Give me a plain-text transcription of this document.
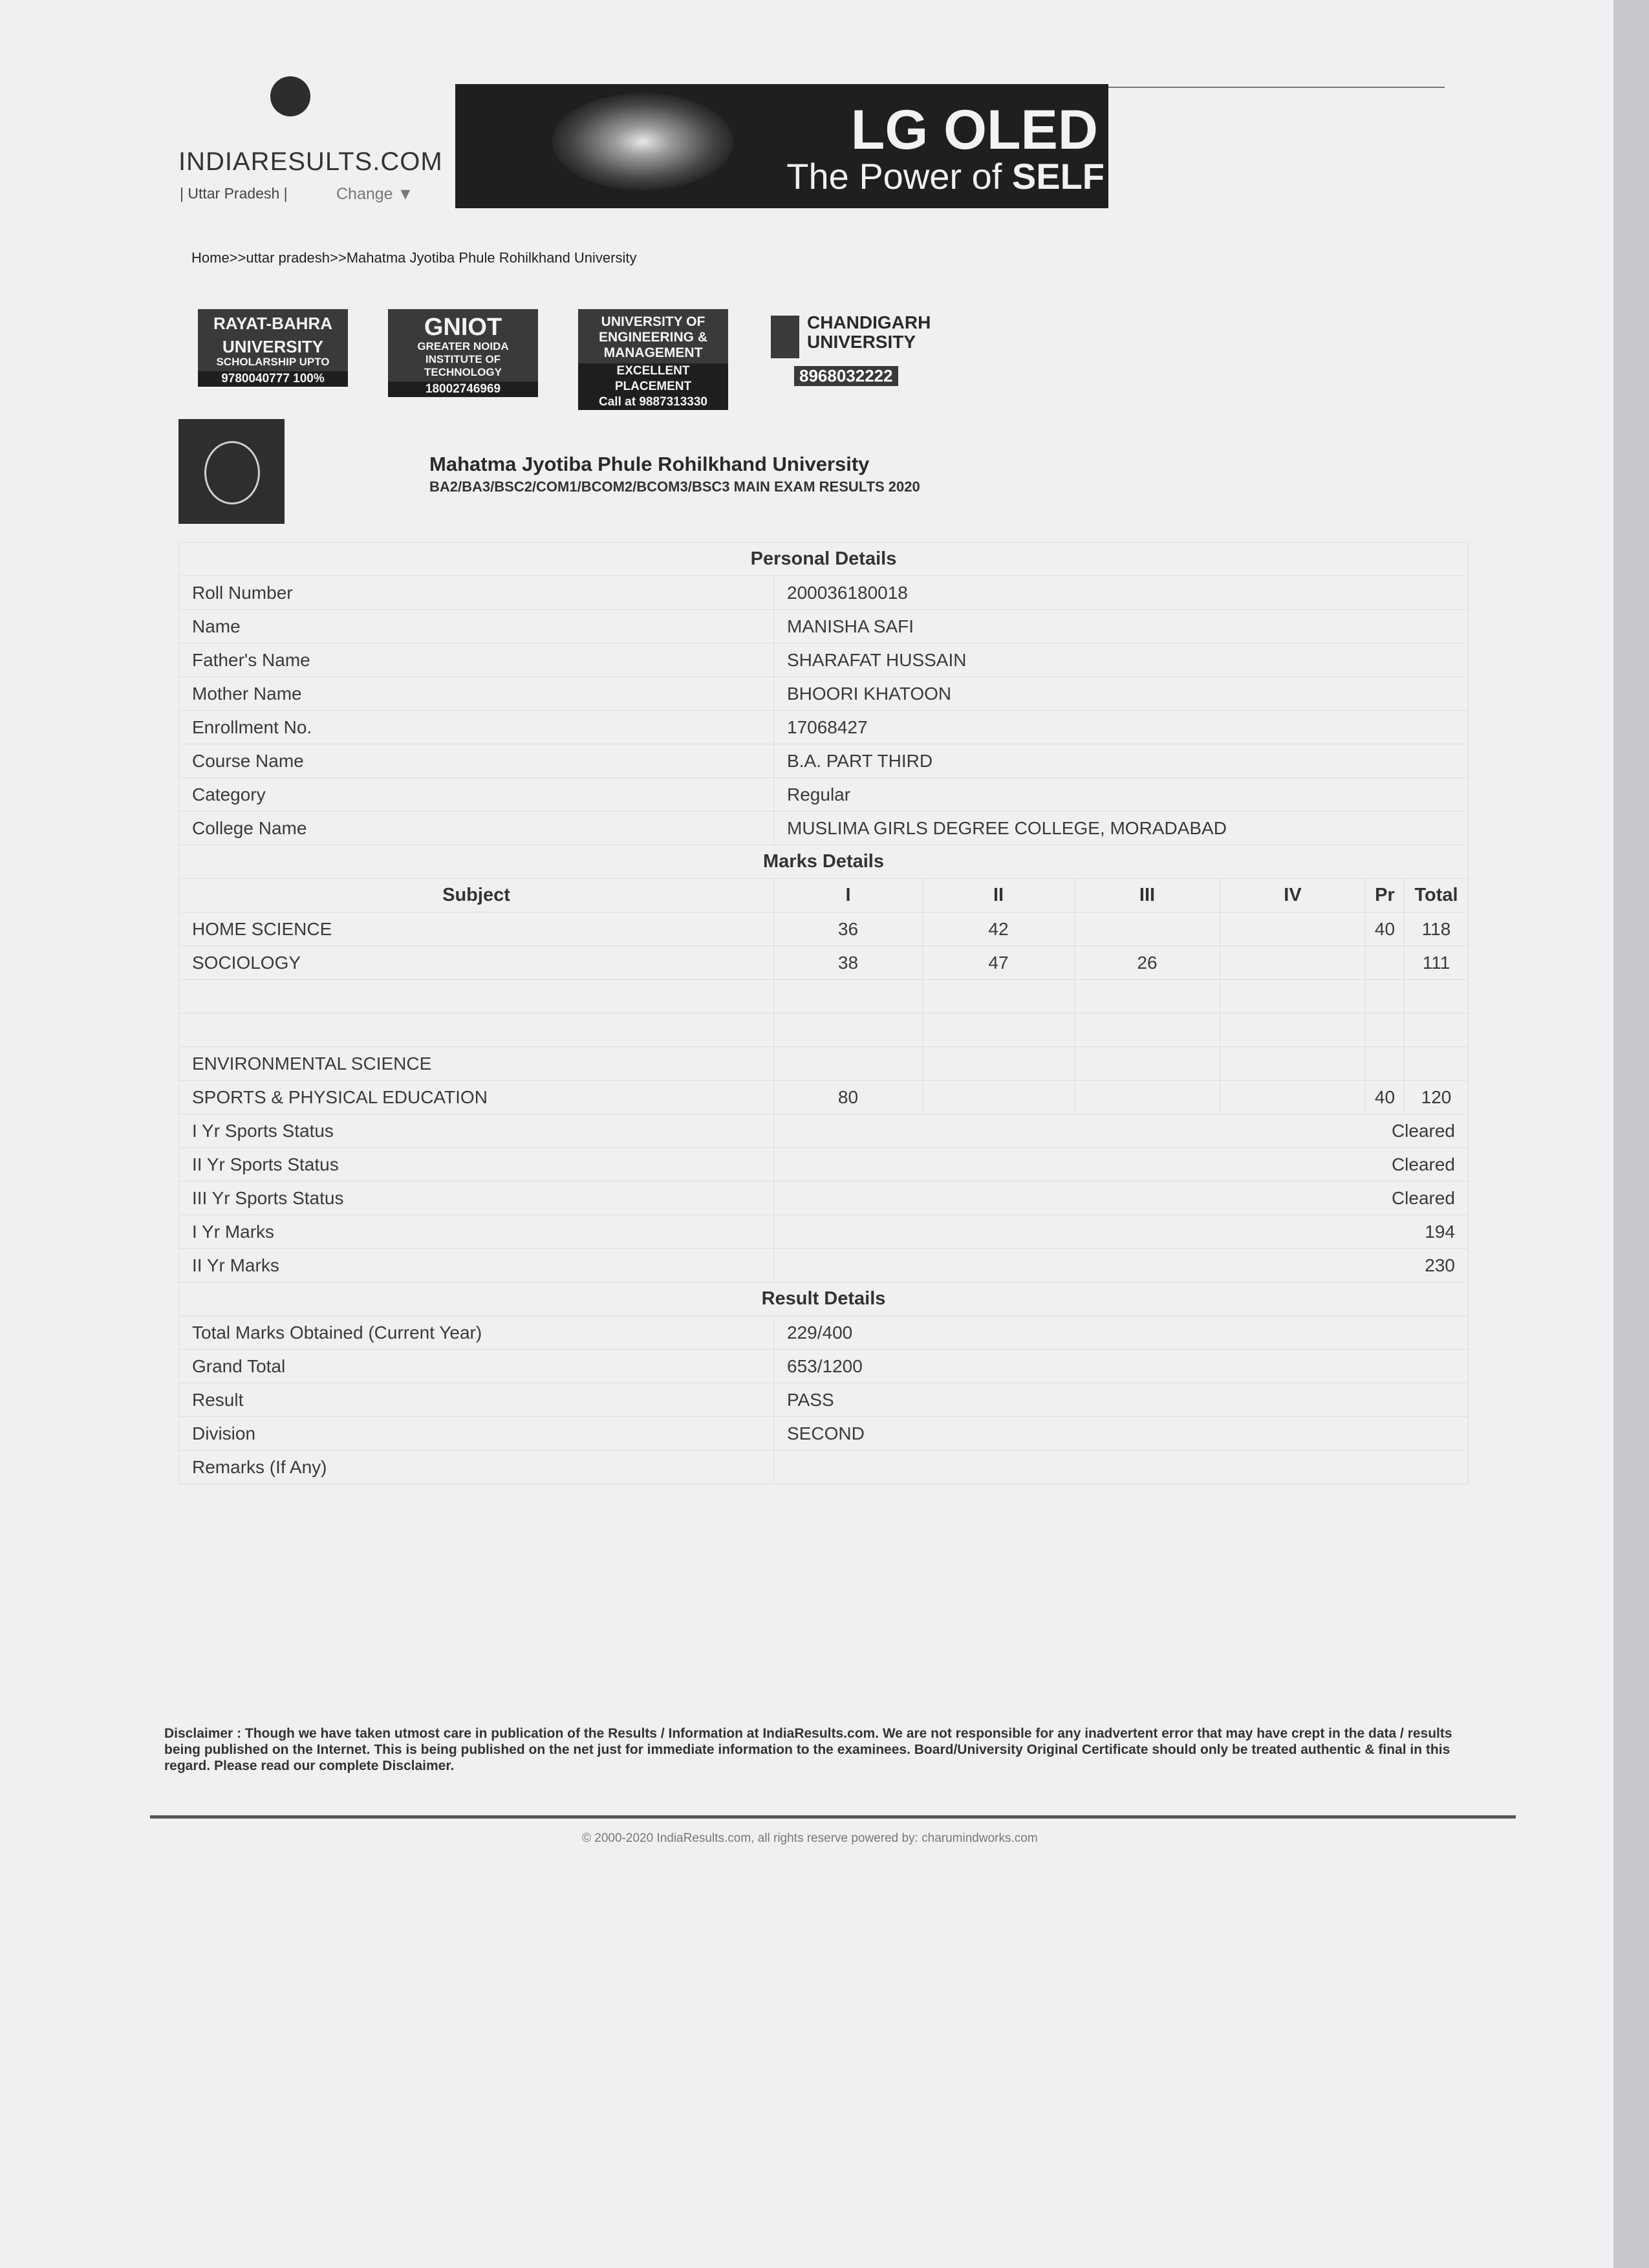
INDIARESULTS.COM
| Uttar Pradesh |	Change ▼
LG OLED
The Power of SELF
Home>>uttar pradesh>>Mahatma Jyotiba Phule Rohilkhand University
RAYAT-BAHRA
UNIVERSITY
SCHOLARSHIP UPTO
9780040777 100%
GNIOT
GREATER NOIDA INSTITUTE OF TECHNOLOGY
18002746969
UNIVERSITY OF ENGINEERING & MANAGEMENT
EXCELLENT PLACEMENT
Call at 9887313330
CHANDIGARH
UNIVERSITY
8968032222
Mahatma Jyotiba Phule Rohilkhand University
BA2/BA3/BSC2/COM1/BCOM2/BCOM3/BSC3 MAIN EXAM RESULTS 2020
Personal Details						
Roll Number	200036180018					
Name	MANISHA SAFI					
Father's Name	SHARAFAT HUSSAIN					
Mother Name	BHOORI KHATOON					
Enrollment No.	17068427					
Course Name	B.A. PART THIRD					
Category	Regular					
College Name	MUSLIMA GIRLS DEGREE COLLEGE, MORADABAD					
Marks Details						
Subject	I	II	III	IV	Pr	Total
HOME SCIENCE	36	42			40	118
SOCIOLOGY	38	47	26			111

ENVIRONMENTAL SCIENCE						
SPORTS & PHYSICAL EDUCATION	80				40	120
I Yr Sports Status	Cleared					
II Yr Sports Status	Cleared					
III Yr Sports Status	Cleared					
I Yr Marks	194					
II Yr Marks	230					
Result Details						
Total Marks Obtained (Current Year)	229/400					
Grand Total	653/1200					
Result	PASS					
Division	SECOND					
Remarks (If Any)						
Disclaimer : Though we have taken utmost care in publication of the Results / Information at IndiaResults.com. We are not responsible for any inadvertent error that may have crept in the data / results being published on the Internet. This is being published on the net just for immediate information to the examinees. Board/University Original Certificate should only be treated authentic & final in this regard. Please read our complete Disclaimer.
© 2000-2020 IndiaResults.com, all rights reserve powered by: charumindworks.com
